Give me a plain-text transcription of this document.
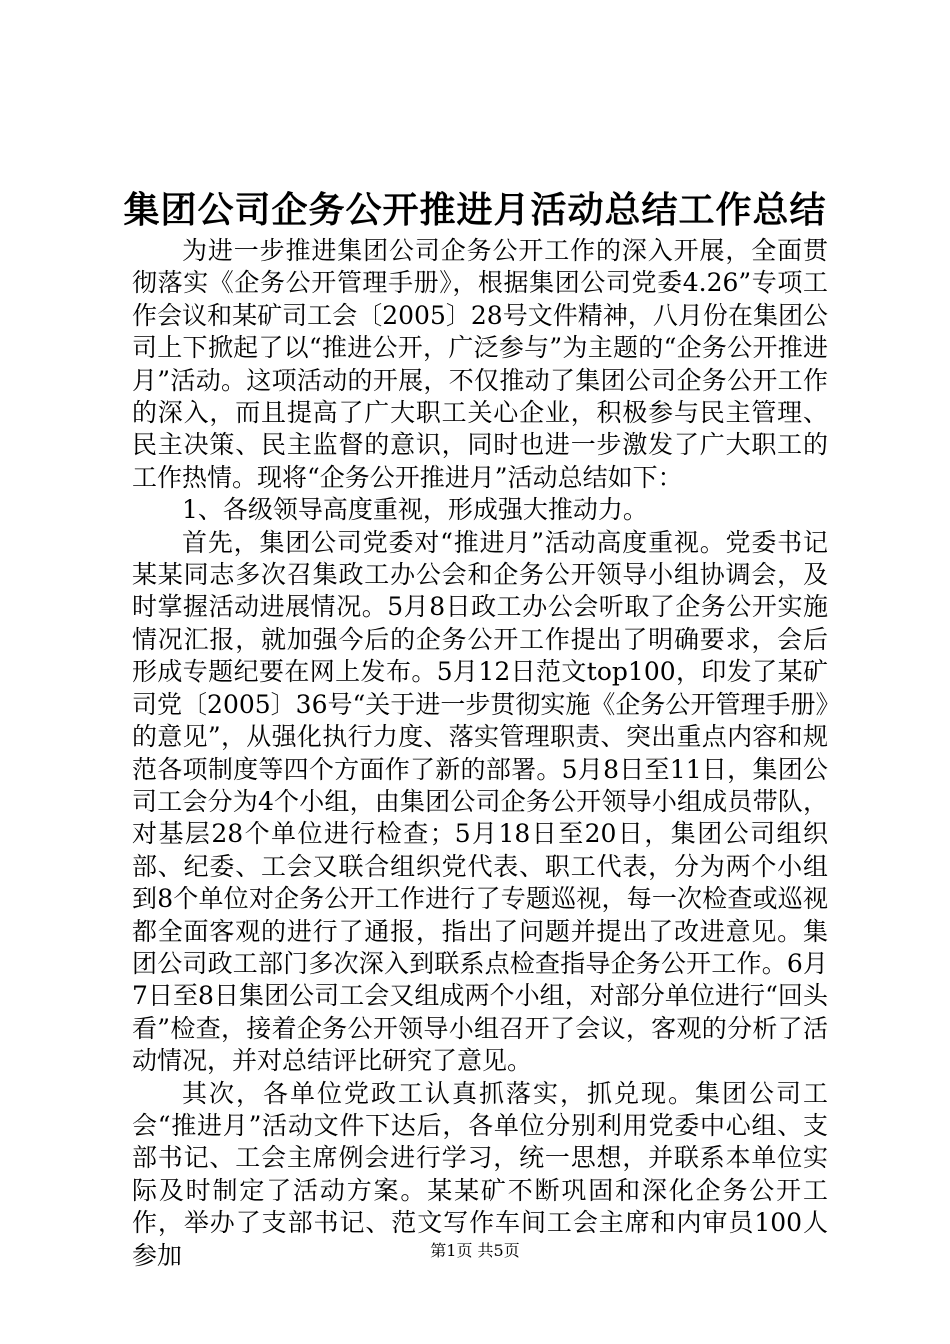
集团公司企务公开推进月活动总结工作总结

为进一步推进集团公司企务公开工作的深入开展，全面贯彻落实《企务公开管理手册》，根据集团公司党委4.26”专项工作会议和某矿司工会〔2005〕28号文件精神，八月份在集团公司上下掀起了以“推进公开，广泛参与”为主题的“企务公开推进月”活动。这项活动的开展，不仅推动了集团公司企务公开工作的深入，而且提高了广大职工关心企业，积极参与民主管理、民主决策、民主监督的意识，同时也进一步激发了广大职工的工作热情。现将“企务公开推进月”活动总结如下：

1、各级领导高度重视，形成强大推动力。

首先，集团公司党委对“推进月”活动高度重视。党委书记某某同志多次召集政工办公会和企务公开领导小组协调会，及时掌握活动进展情况。5月8日政工办公会听取了企务公开实施情况汇报，就加强今后的企务公开工作提出了明确要求，会后形成专题纪要在网上发布。5月12日范文top100，印发了某矿司党〔2005〕36号“关于进一步贯彻实施《企务公开管理手册》的意见”，从强化执行力度、落实管理职责、突出重点内容和规范各项制度等四个方面作了新的部署。5月8日至11日，集团公司工会分为4个小组，由集团公司企务公开领导小组成员带队，对基层28个单位进行检查；5月18日至20日，集团公司组织部、纪委、工会又联合组织党代表、职工代表，分为两个小组到8个单位对企务公开工作进行了专题巡视，每一次检查或巡视都全面客观的进行了通报，指出了问题并提出了改进意见。集团公司政工部门多次深入到联系点检查指导企务公开工作。6月7日至8日集团公司工会又组成两个小组，对部分单位进行“回头看”检查，接着企务公开领导小组召开了会议，客观的分析了活动情况，并对总结评比研究了意见。

其次，各单位党政工认真抓落实，抓兑现。集团公司工会“推进月”活动文件下达后，各单位分别利用党委中心组、支部书记、工会主席例会进行学习，统一思想，并联系本单位实际及时制定了活动方案。某某矿不断巩固和深化企务公开工作，举办了支部书记、范文写作车间工会主席和内审员100人参加	第1页 共5页
